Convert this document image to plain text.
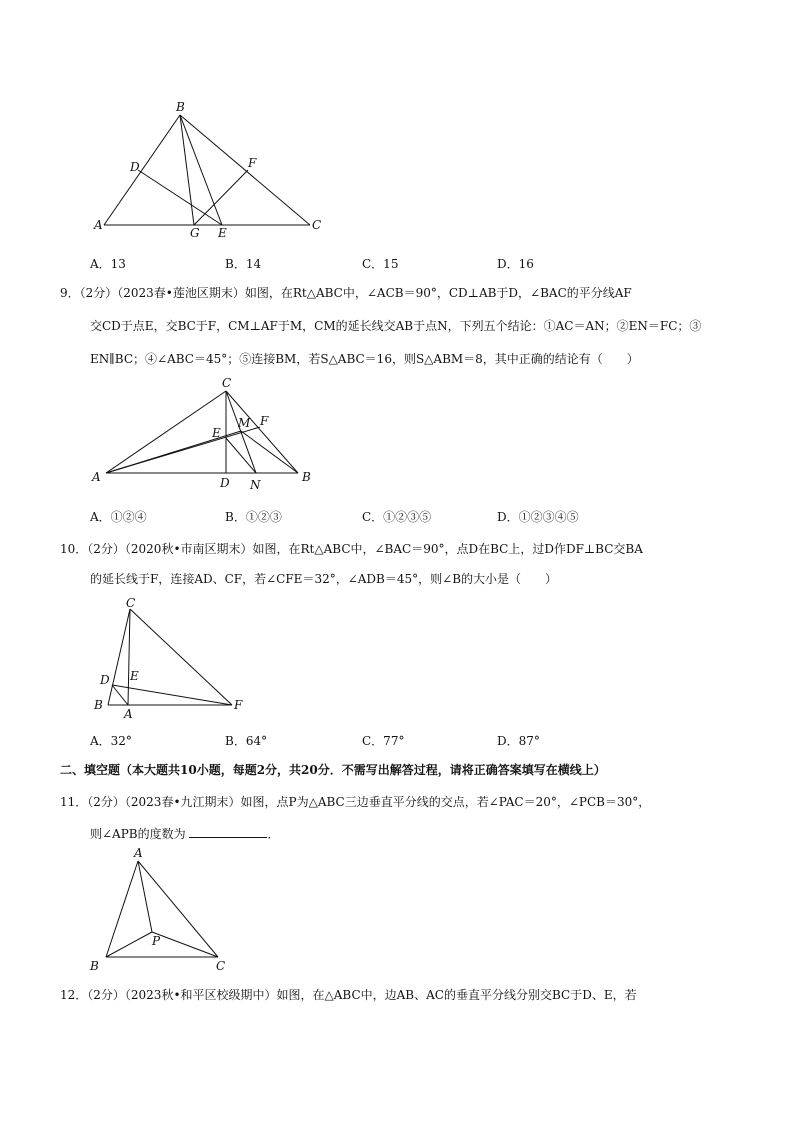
B
D	F
A
G E
C
A．13	B．14	C．15	D．16
9．（2分）（2023春•莲池区期末）如图，在Rt△ABC中，∠ACB＝90°，CD⊥AB于D，∠BAC的平分线AF
交CD于点E，交BC于F，CM⊥AF于M，CM的延长线交AB于点N，下列五个结论：①AC＝AN；②EN＝FC；③
EN∥BC；④∠ABC＝45°；⑤连接BM，若S△ABC＝16，则S△ABM＝8，其中正确的结论有（　　）
C
E
M F
A	D N
B
A．①②④	B．①②③	C．①②③⑤	D．①②③④⑤
10．（2分）（2020秋•市南区期末）如图，在Rt△ABC中，∠BAC＝90°，点D在BC上，过D作DF⊥BC交BA
的延长线于F，连接AD、CF，若∠CFE＝32°，∠ADB＝45°，则∠B的大小是（　　）
C
E
D
B
A
F
A．32°	B．64°	C．77°	D．87°
二、填空题（本大题共10小题，每题2分，共20分．不需写出解答过程，请将正确答案填写在横线上）
11．（2分）（2023春•九江期末）如图，点P为△ABC三边垂直平分线的交点，若∠PAC＝20°，∠PCB＝30°，
则∠APB的度数为	．
A
P
B	C
12．（2分）（2023秋•和平区校级期中）如图，在△ABC中，边AB、AC的垂直平分线分别交BC于D、E，若
